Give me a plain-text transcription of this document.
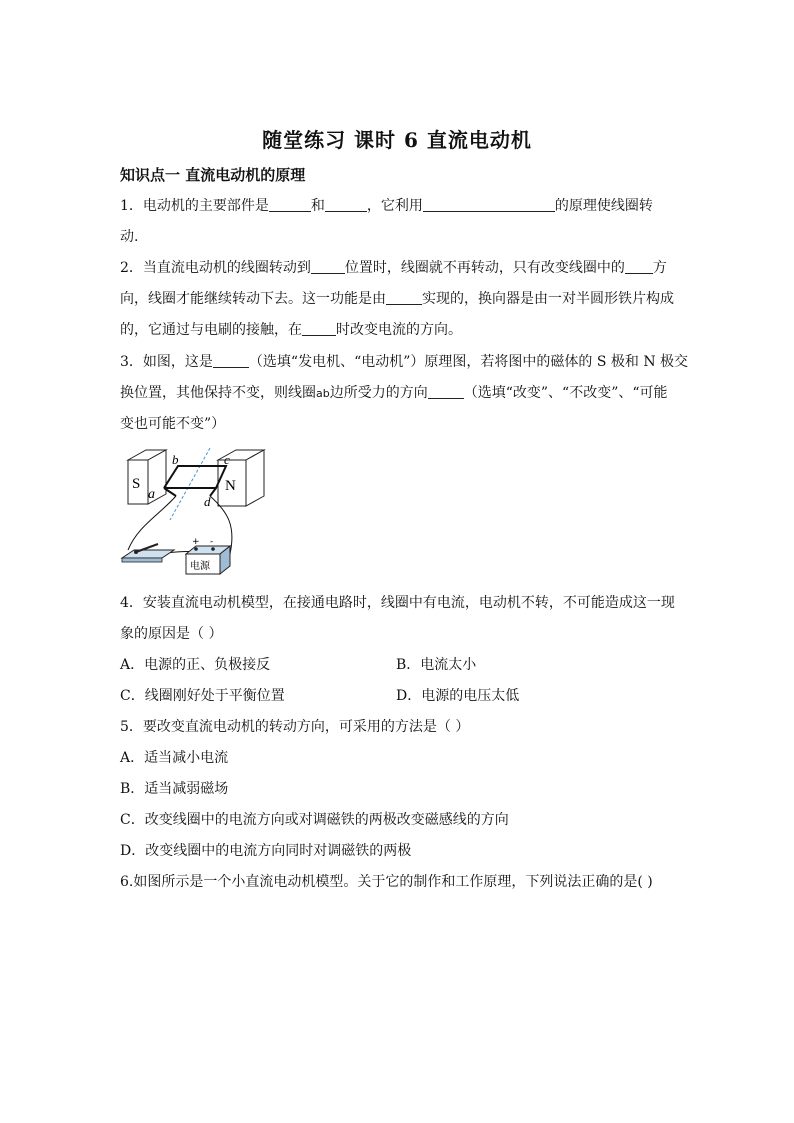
随堂练习 课时 6 直流电动机
知识点一 直流电动机的原理
1．电动机的主要部件是	和	，它利用	的原理使线圈转
动.
2．当直流电动机的线圈转动到 位置时，线圈就不再转动，只有改变线圈中的 方
向，线圈才能继续转动下去。这一功能是由	实现的，换向器是由一对半圆形铁片构成
的，它通过与电刷的接触，在 时改变电流的方向。
3．如图，这是	（选填“发电机、“电动机”）原理图，若将图中的磁体的 S 极和 N 极交
换位置，其他保持不变，则线圈ab边所受力的方向	（选填“改变”、“不改变”、“可能
变也可能不变”）
S	N
b	c
a	d
+ -
电源
4．安装直流电动机模型，在接通电路时，线圈中有电流，电动机不转，不可能造成这一现
象的原因是（ ）
A．电源的正、负极接反	B．电流太小
C．线圈刚好处于平衡位置	D．电源的电压太低
5．要改变直流电动机的转动方向，可采用的方法是（ ）
A．适当减小电流
B．适当减弱磁场
C．改变线圈中的电流方向或对调磁铁的两极改变磁感线的方向
D．改变线圈中的电流方向同时对调磁铁的两极
6.如图所示是一个小直流电动机模型。关于它的制作和工作原理，下列说法正确的是( )
